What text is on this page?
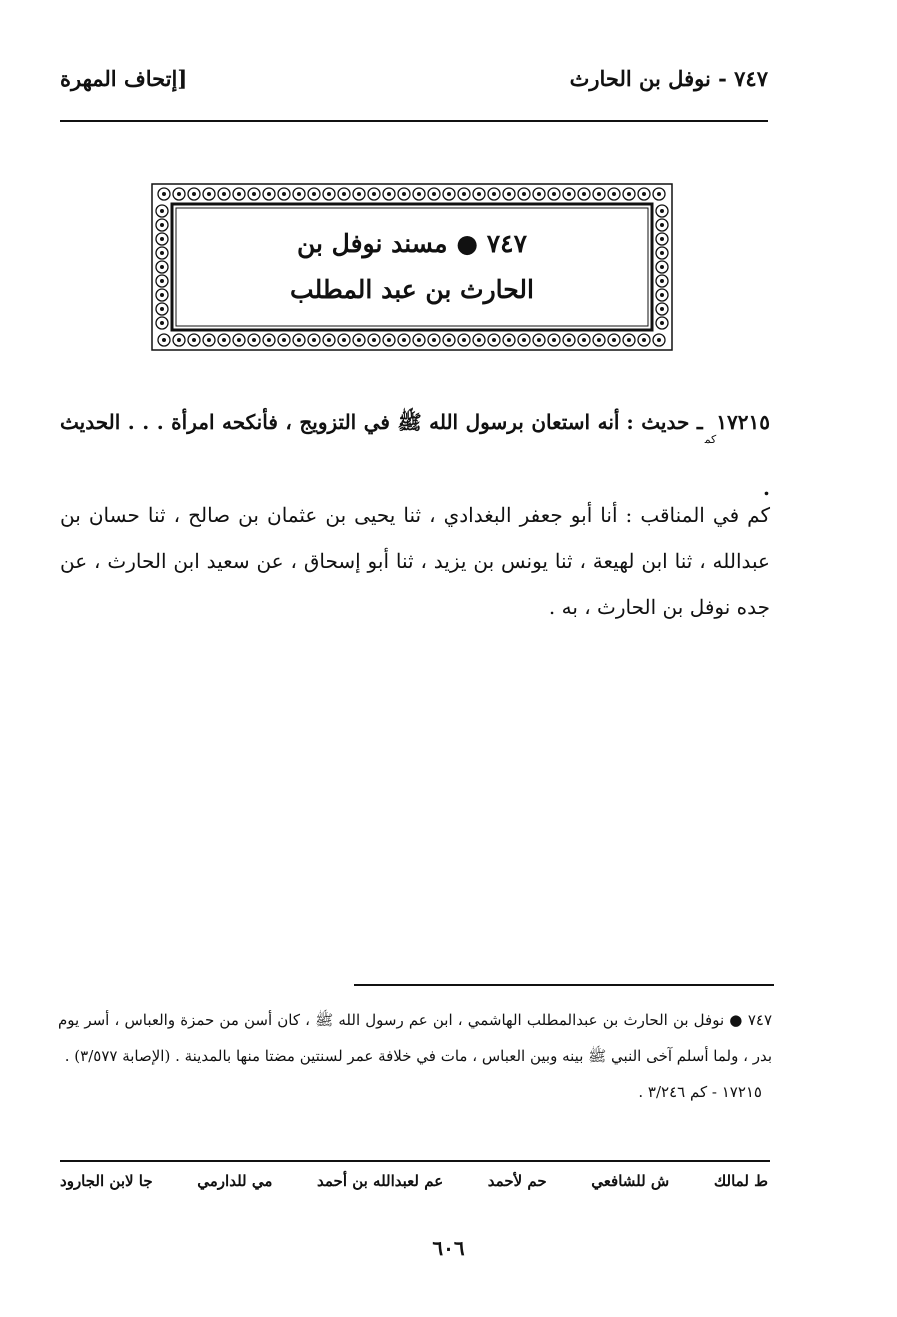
٧٤٧ - نوفل بن الحارث
[إتحاف المهرة
٧٤٧ ● مسند نوفل بن
الحارث بن عبد المطلب
$١٧٢١٥_{كم}ـ$ حديث : أنه استعان برسول الله ﷺ في التزويج ، فأنكحه امرأة . . . الحديث .
كم في المناقب : أنا أبو جعفر البغدادي ، ثنا يحيى بن عثمان بن صالح ، ثنا حسان بن عبدالله ، ثنا ابن لهيعة ، ثنا يونس بن يزيد ، ثنا أبو إسحاق ، عن سعيد ابن الحارث ، عن جده نوفل بن الحارث ، به .

٧٤٧ ● نوفل بن الحارث بن عبدالمطلب الهاشمي ، ابن عم رسول الله ﷺ ، كان أسن من حمزة والعباس ، أسر يوم بدر ، ولما أسلم آخى النبي ﷺ بينه وبين العباس ، مات في خلافة عمر لسنتين مضتا منها بالمدينة . (الإصابة ٣/٥٧٧) .

١٧٢١٥ - كم ٣/٢٤٦ .

ط لمالك
ش للشافعي
حم لأحمد
عم لعبدالله بن أحمد
مي للدارمي
جا لابن الجارود
٦٠٦
